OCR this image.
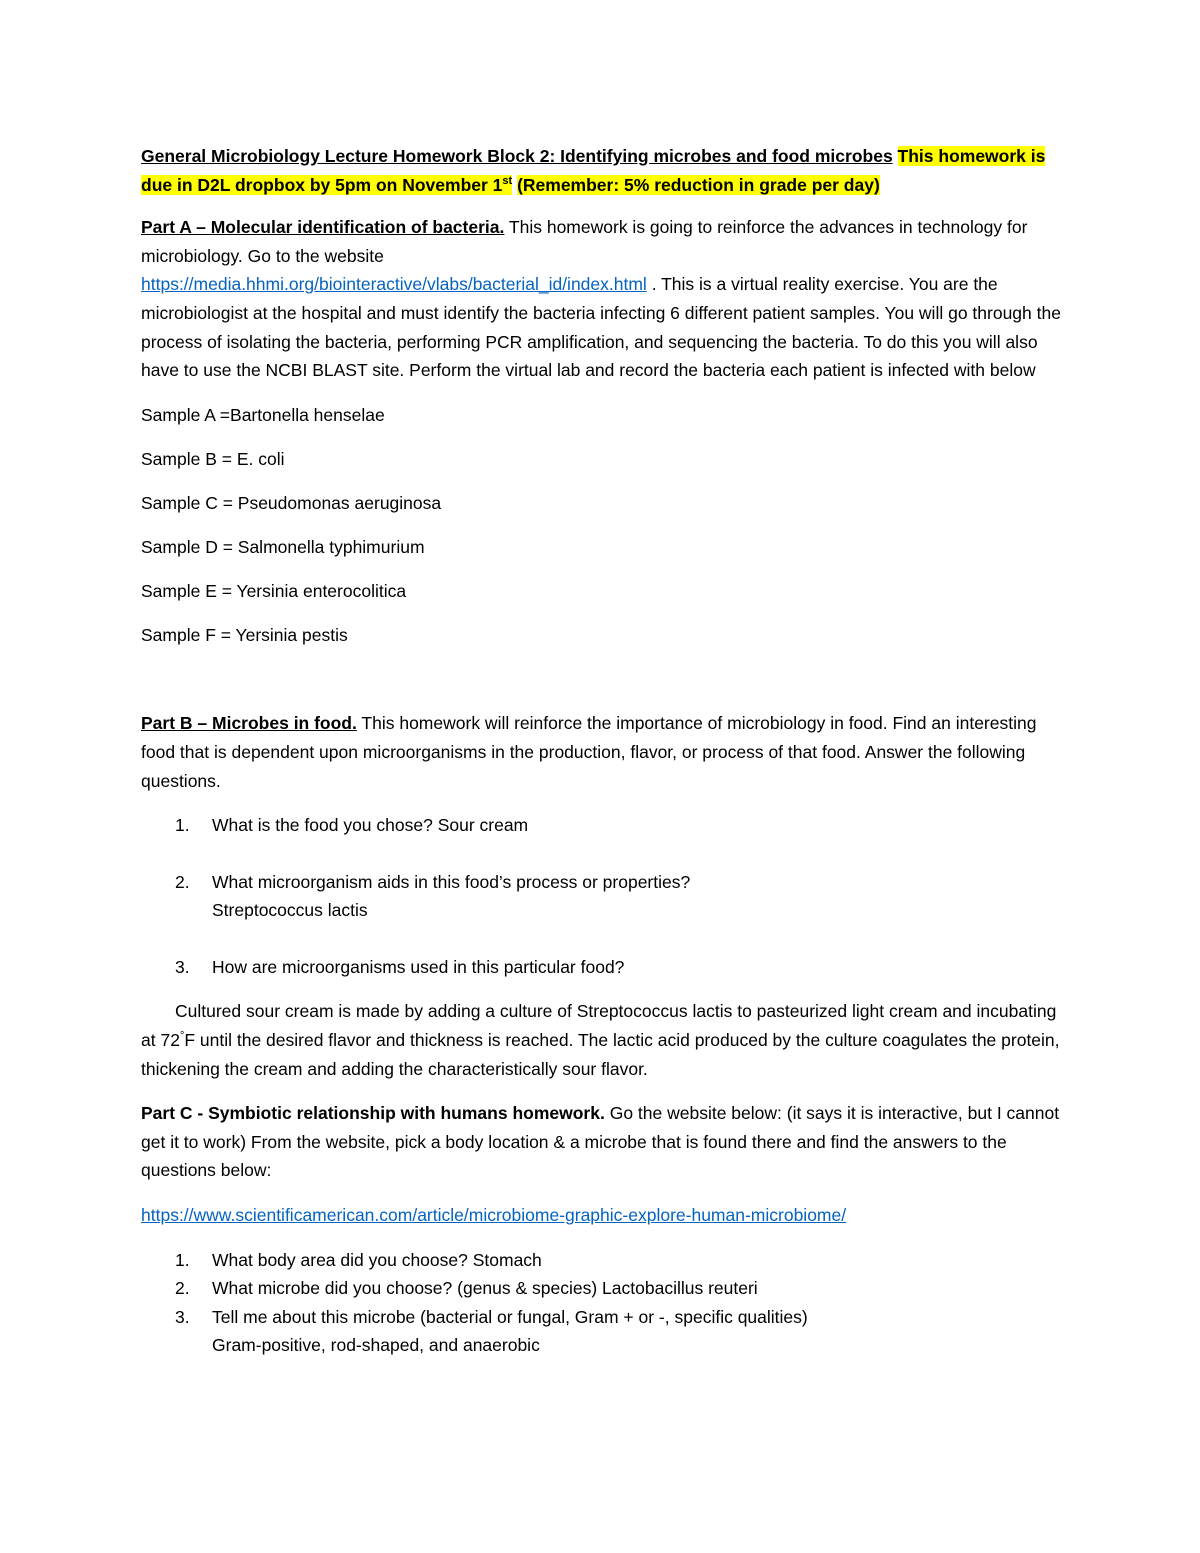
General Microbiology Lecture Homework Block 2: Identifying microbes and food microbes This homework is due in D2L dropbox by 5pm on November 1st (Remember: 5% reduction in grade per day)

Part A – Molecular identification of bacteria. This homework is going to reinforce the advances in technology for microbiology. Go to the website
https://media.hhmi.org/biointeractive/vlabs/bacterial_id/index.html . This is a virtual reality exercise. You are the microbiologist at the hospital and must identify the bacteria infecting 6 different patient samples. You will go through the process of isolating the bacteria, performing PCR amplification, and sequencing the bacteria. To do this you will also have to use the NCBI BLAST site. Perform the virtual lab and record the bacteria each patient is infected with below

Sample A =Bartonella henselae

Sample B = E. coli

Sample C = Pseudomonas aeruginosa

Sample D = Salmonella typhimurium

Sample E = Yersinia enterocolitica

Sample F = Yersinia pestis

Part B – Microbes in food. This homework will reinforce the importance of microbiology in food. Find an interesting food that is dependent upon microorganisms in the production, flavor, or process of that food. Answer the following questions.

1. What is the food you chose? Sour cream
2. What microorganism aids in this food’s process or properties?
Streptococcus lactis
3. How are microorganisms used in this particular food?

Cultured sour cream is made by adding a culture of Streptococcus lactis to pasteurized light cream and incubating at 72°F until the desired flavor and thickness is reached. The lactic acid produced by the culture coagulates the protein, thickening the cream and adding the characteristically sour flavor.

Part C - Symbiotic relationship with humans homework. Go the website below: (it says it is interactive, but I cannot get it to work) From the website, pick a body location & a microbe that is found there and find the answers to the questions below:

https://www.scientificamerican.com/article/microbiome-graphic-explore-human-microbiome/

1. What body area did you choose? Stomach
2. What microbe did you choose? (genus & species) Lactobacillus reuteri
3. Tell me about this microbe (bacterial or fungal, Gram + or -, specific qualities)
Gram-positive, rod-shaped, and anaerobic
